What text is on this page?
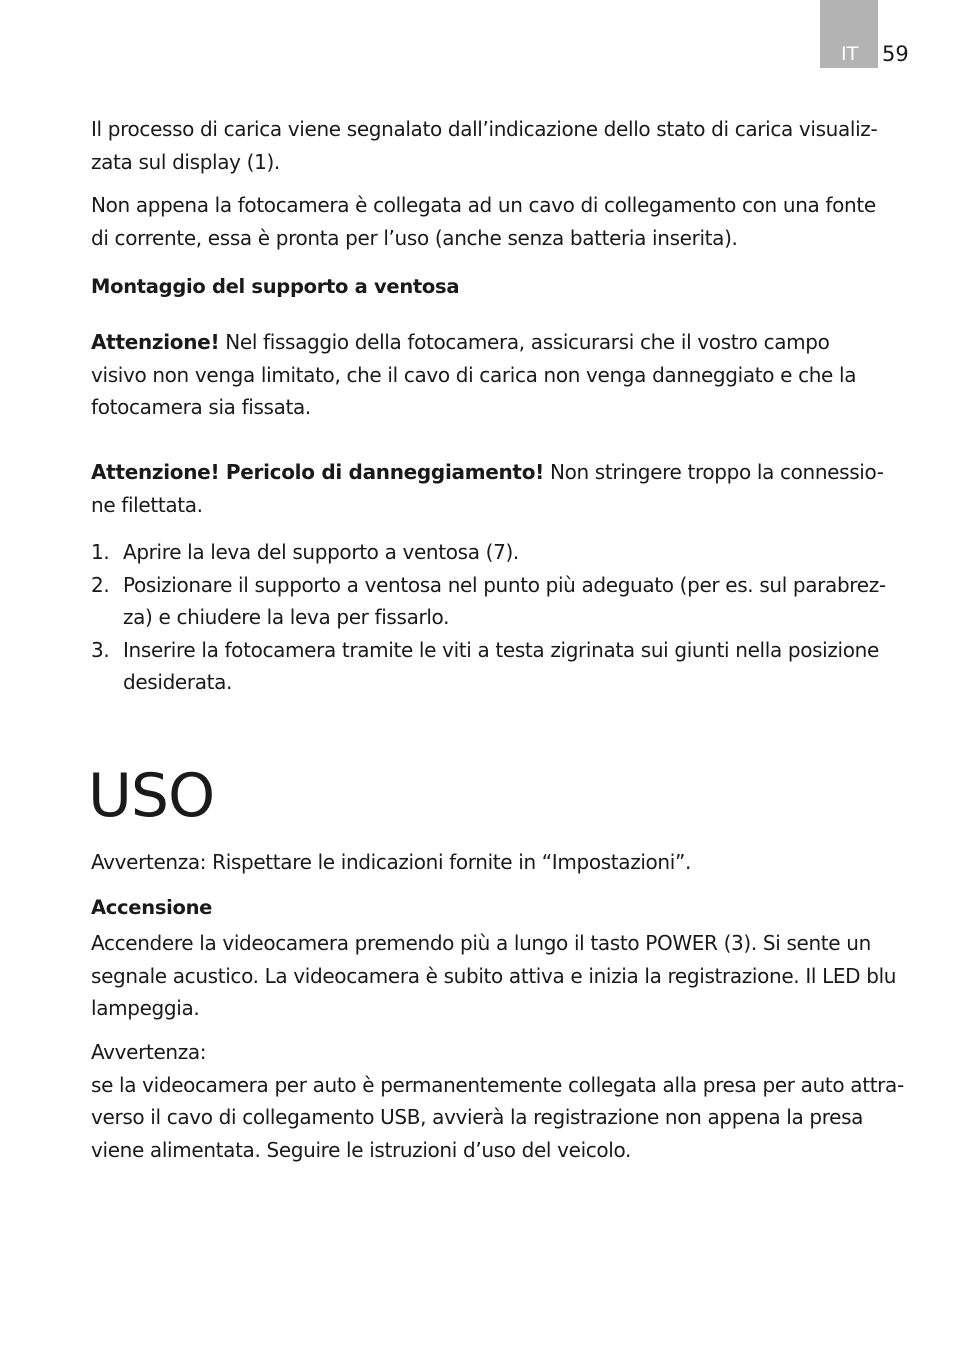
IT 59

Il processo di carica viene segnalato dall’indicazione dello stato di carica visualiz-
zata sul display (1).

Non appena la fotocamera è collegata ad un cavo di collegamento con una fonte
di corrente, essa è pronta per l’uso (anche senza batteria inserita).

Montaggio del supporto a ventosa

Attenzione! Nel fissaggio della fotocamera, assicurarsi che il vostro campo
visivo non venga limitato, che il cavo di carica non venga danneggiato e che la
fotocamera sia fissata.

Attenzione! Pericolo di danneggiamento! Non stringere troppo la connessio-
ne filettata.

1. Aprire la leva del supporto a ventosa (7).
2. Posizionare il supporto a ventosa nel punto più adeguato (per es. sul parabrez-
za) e chiudere la leva per fissarlo.
3. Inserire la fotocamera tramite le viti a testa zigrinata sui giunti nella posizione
desiderata.
USO

Avvertenza: Rispettare le indicazioni fornite in “Impostazioni”.

Accensione

Accendere la videocamera premendo più a lungo il tasto POWER (3). Si sente un
segnale acustico. La videocamera è subito attiva e inizia la registrazione. Il LED blu
lampeggia.

Avvertenza:
se la videocamera per auto è permanentemente collegata alla presa per auto attra-
verso il cavo di collegamento USB, avvierà la registrazione non appena la presa
viene alimentata. Seguire le istruzioni d’uso del veicolo.
